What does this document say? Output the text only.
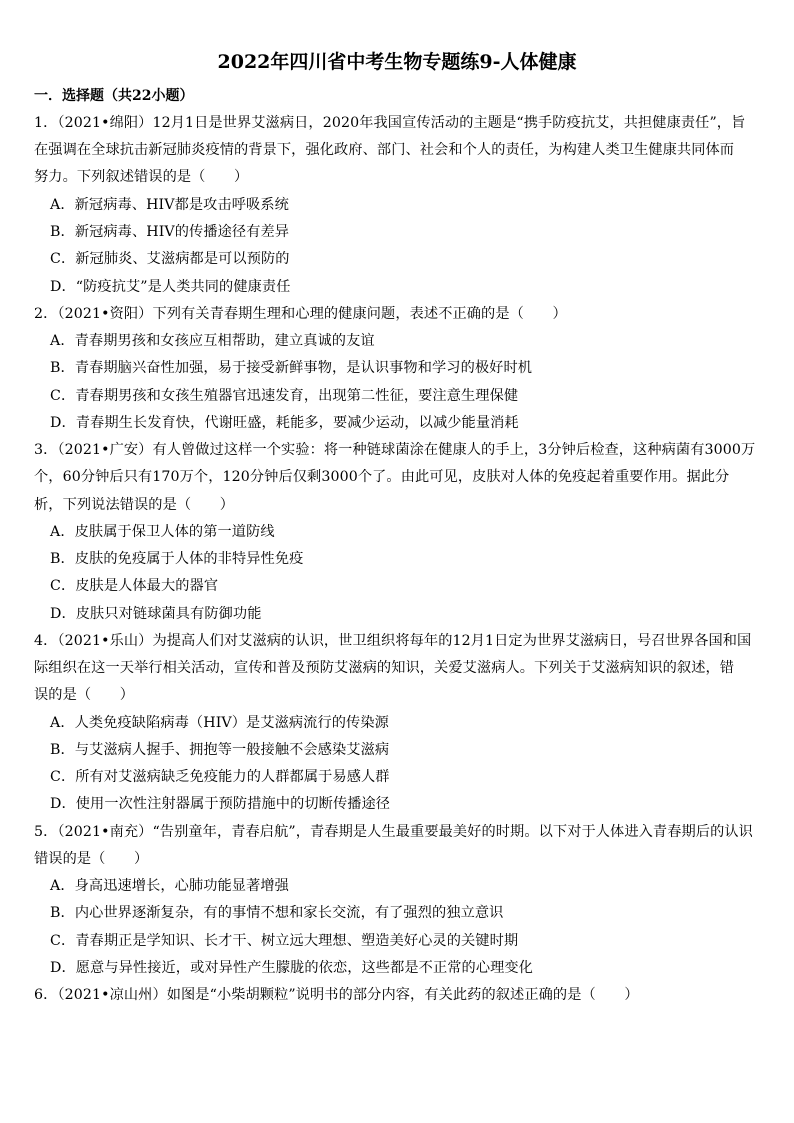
2022年四川省中考生物专题练9-人体健康
一．选择题（共22小题）
1．（2021•绵阳）12月1日是世界艾滋病日，2020年我国宣传活动的主题是“携手防疫抗艾，共担健康责任”，旨
在强调在全球抗击新冠肺炎疫情的背景下，强化政府、部门、社会和个人的责任，为构建人类卫生健康共同体而
努力。下列叙述错误的是（　　）
A．新冠病毒、HIV都是攻击呼吸系统
B．新冠病毒、HIV的传播途径有差异
C．新冠肺炎、艾滋病都是可以预防的
D．“防疫抗艾”是人类共同的健康责任
2．（2021•资阳）下列有关青春期生理和心理的健康问题，表述不正确的是（　　）
A．青春期男孩和女孩应互相帮助，建立真诚的友谊
B．青春期脑兴奋性加强，易于接受新鲜事物，是认识事物和学习的极好时机
C．青春期男孩和女孩生殖器官迅速发育，出现第二性征，要注意生理保健
D．青春期生长发育快，代谢旺盛，耗能多，要减少运动，以减少能量消耗
3．（2021•广安）有人曾做过这样一个实验：将一种链球菌涂在健康人的手上，3分钟后检查，这种病菌有3000万
个，60分钟后只有170万个，120分钟后仅剩3000个了。由此可见，皮肤对人体的免疫起着重要作用。据此分
析，下列说法错误的是（　　）
A．皮肤属于保卫人体的第一道防线
B．皮肤的免疫属于人体的非特异性免疫
C．皮肤是人体最大的器官
D．皮肤只对链球菌具有防御功能
4．（2021•乐山）为提高人们对艾滋病的认识，世卫组织将每年的12月1日定为世界艾滋病日，号召世界各国和国
际组织在这一天举行相关活动，宣传和普及预防艾滋病的知识，关爱艾滋病人。下列关于艾滋病知识的叙述，错
误的是（　　）
A．人类免疫缺陷病毒（HIV）是艾滋病流行的传染源
B．与艾滋病人握手、拥抱等一般接触不会感染艾滋病
C．所有对艾滋病缺乏免疫能力的人群都属于易感人群
D．使用一次性注射器属于预防措施中的切断传播途径
5．（2021•南充）“告别童年，青春启航”，青春期是人生最重要最美好的时期。以下对于人体进入青春期后的认识
错误的是（　　）
A．身高迅速增长，心肺功能显著增强
B．内心世界逐渐复杂，有的事情不想和家长交流，有了强烈的独立意识
C．青春期正是学知识、长才干、树立远大理想、塑造美好心灵的关键时期
D．愿意与异性接近，或对异性产生朦胧的依恋，这些都是不正常的心理变化
6．（2021•凉山州）如图是“小柴胡颗粒”说明书的部分内容，有关此药的叙述正确的是（　　）
